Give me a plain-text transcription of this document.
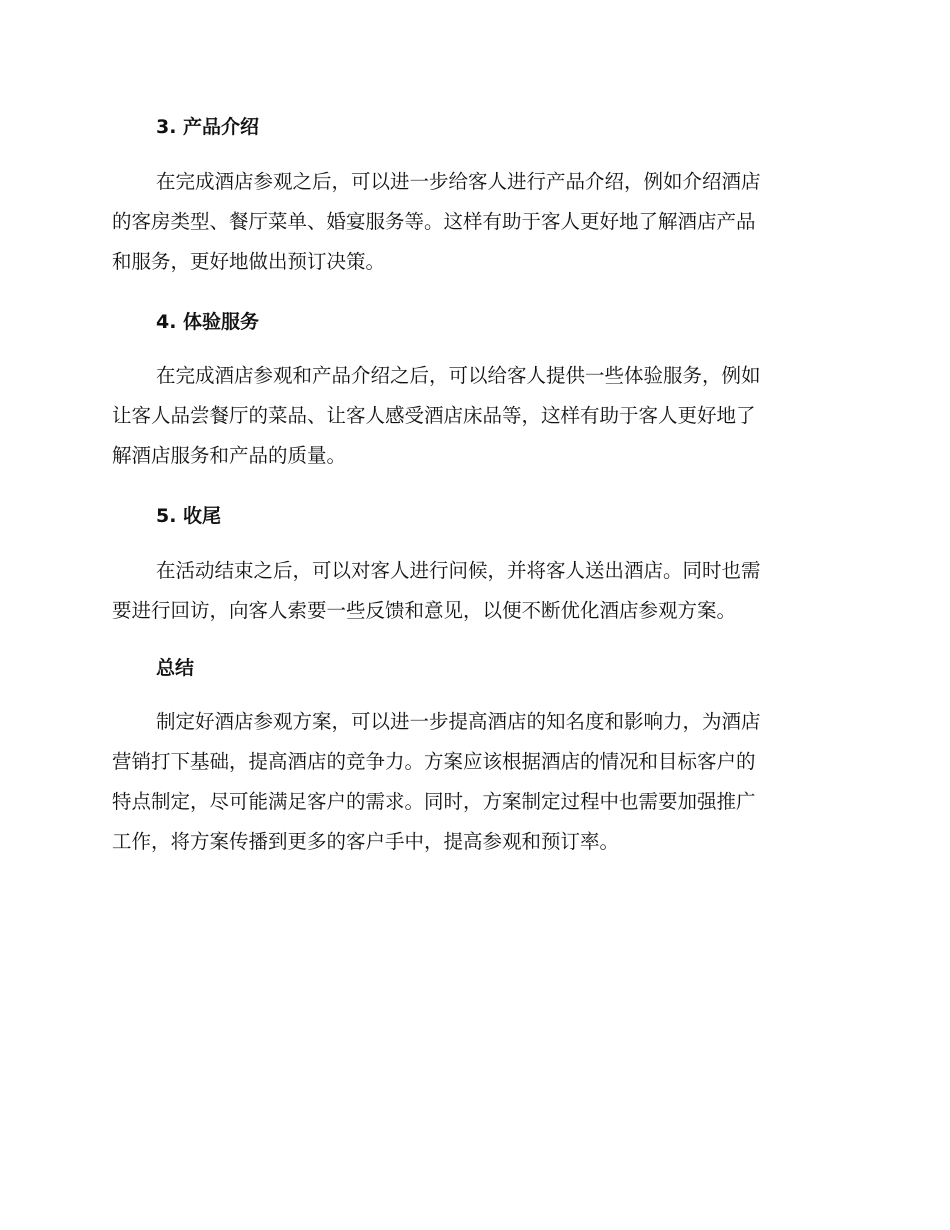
3. 产品介绍

在完成酒店参观之后，可以进一步给客人进行产品介绍，例如介绍酒店
的客房类型、餐厅菜单、婚宴服务等。这样有助于客人更好地了解酒店产品
和服务，更好地做出预订决策。

4. 体验服务

在完成酒店参观和产品介绍之后，可以给客人提供一些体验服务，例如
让客人品尝餐厅的菜品、让客人感受酒店床品等，这样有助于客人更好地了
解酒店服务和产品的质量。

5. 收尾

在活动结束之后，可以对客人进行问候，并将客人送出酒店。同时也需
要进行回访，向客人索要一些反馈和意见，以便不断优化酒店参观方案。

总结

制定好酒店参观方案，可以进一步提高酒店的知名度和影响力，为酒店
营销打下基础，提高酒店的竞争力。方案应该根据酒店的情况和目标客户的
特点制定，尽可能满足客户的需求。同时，方案制定过程中也需要加强推广
工作，将方案传播到更多的客户手中，提高参观和预订率。
